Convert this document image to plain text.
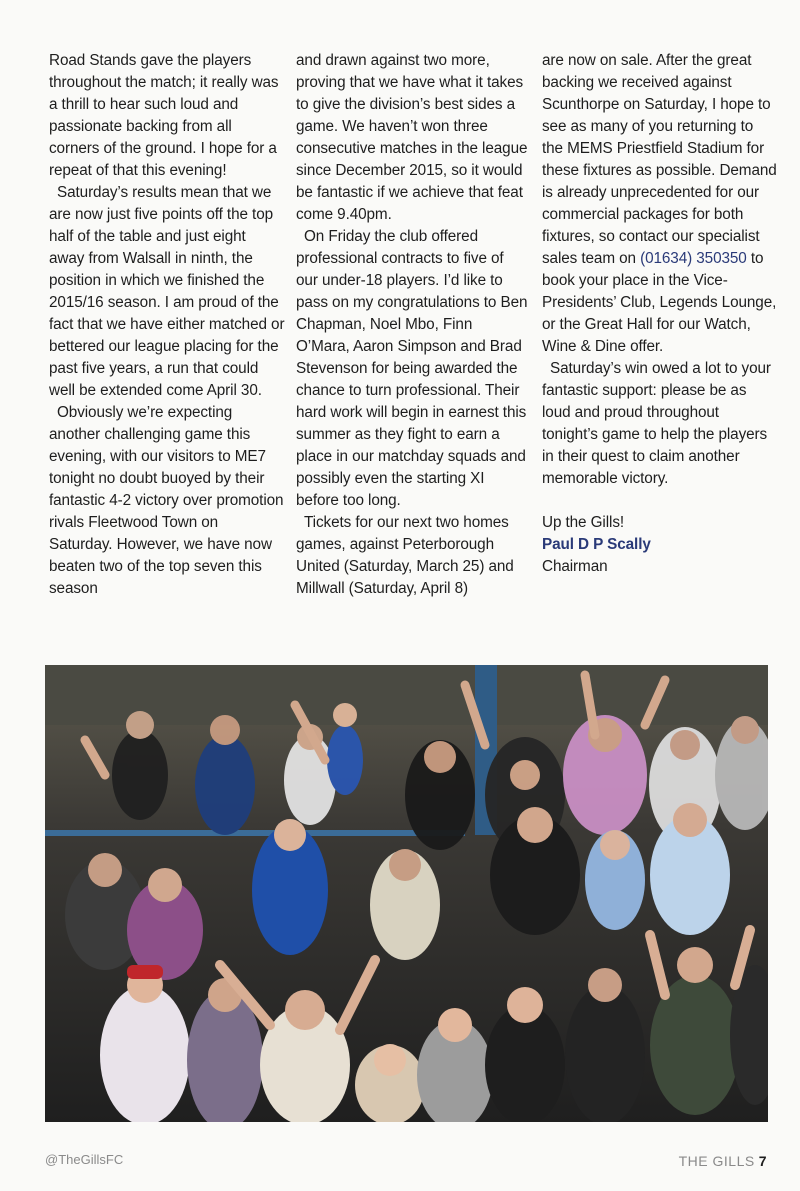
Road Stands gave the players throughout the match; it really was a thrill to hear such loud and passionate backing from all corners of the ground. I hope for a repeat of that this evening!

Saturday’s results mean that we are now just five points off the top half of the table and just eight away from Walsall in ninth, the position in which we finished the 2015/16 season. I am proud of the fact that we have either matched or bettered our league placing for the past five years, a run that could well be extended come April 30.

Obviously we’re expecting another challenging game this evening, with our visitors to ME7 tonight no doubt buoyed by their fantastic 4-2 victory over promotion rivals Fleetwood Town on Saturday. However, we have now beaten two of the top seven this season

and drawn against two more, proving that we have what it takes to give the division’s best sides a game. We haven’t won three consecutive matches in the league since December 2015, so it would be fantastic if we achieve that feat come 9.40pm.

On Friday the club offered professional contracts to five of our under-18 players. I’d like to pass on my congratulations to Ben Chapman, Noel Mbo, Finn O’Mara, Aaron Simpson and Brad Stevenson for being awarded the chance to turn professional. Their hard work will begin in earnest this summer as they fight to earn a place in our matchday squads and possibly even the starting XI before too long.

Tickets for our next two homes games, against Peterborough United (Saturday, March 25) and Millwall (Saturday, April 8)

are now on sale. After the great backing we received against Scunthorpe on Saturday, I hope to see as many of you returning to the MEMS Priestfield Stadium for these fixtures as possible. Demand is already unprecedented for our commercial packages for both fixtures, so contact our specialist sales team on (01634) 350350 to book your place in the Vice-Presidents’ Club, Legends Lounge, or the Great Hall for our Watch, Wine & Dine offer.

Saturday’s win owed a lot to your fantastic support: please be as loud and proud throughout tonight’s game to help the players in their quest to claim another memorable victory.

Up the Gills!

Paul D P Scally

Chairman

@TheGillsFC	THE GILLS 7
